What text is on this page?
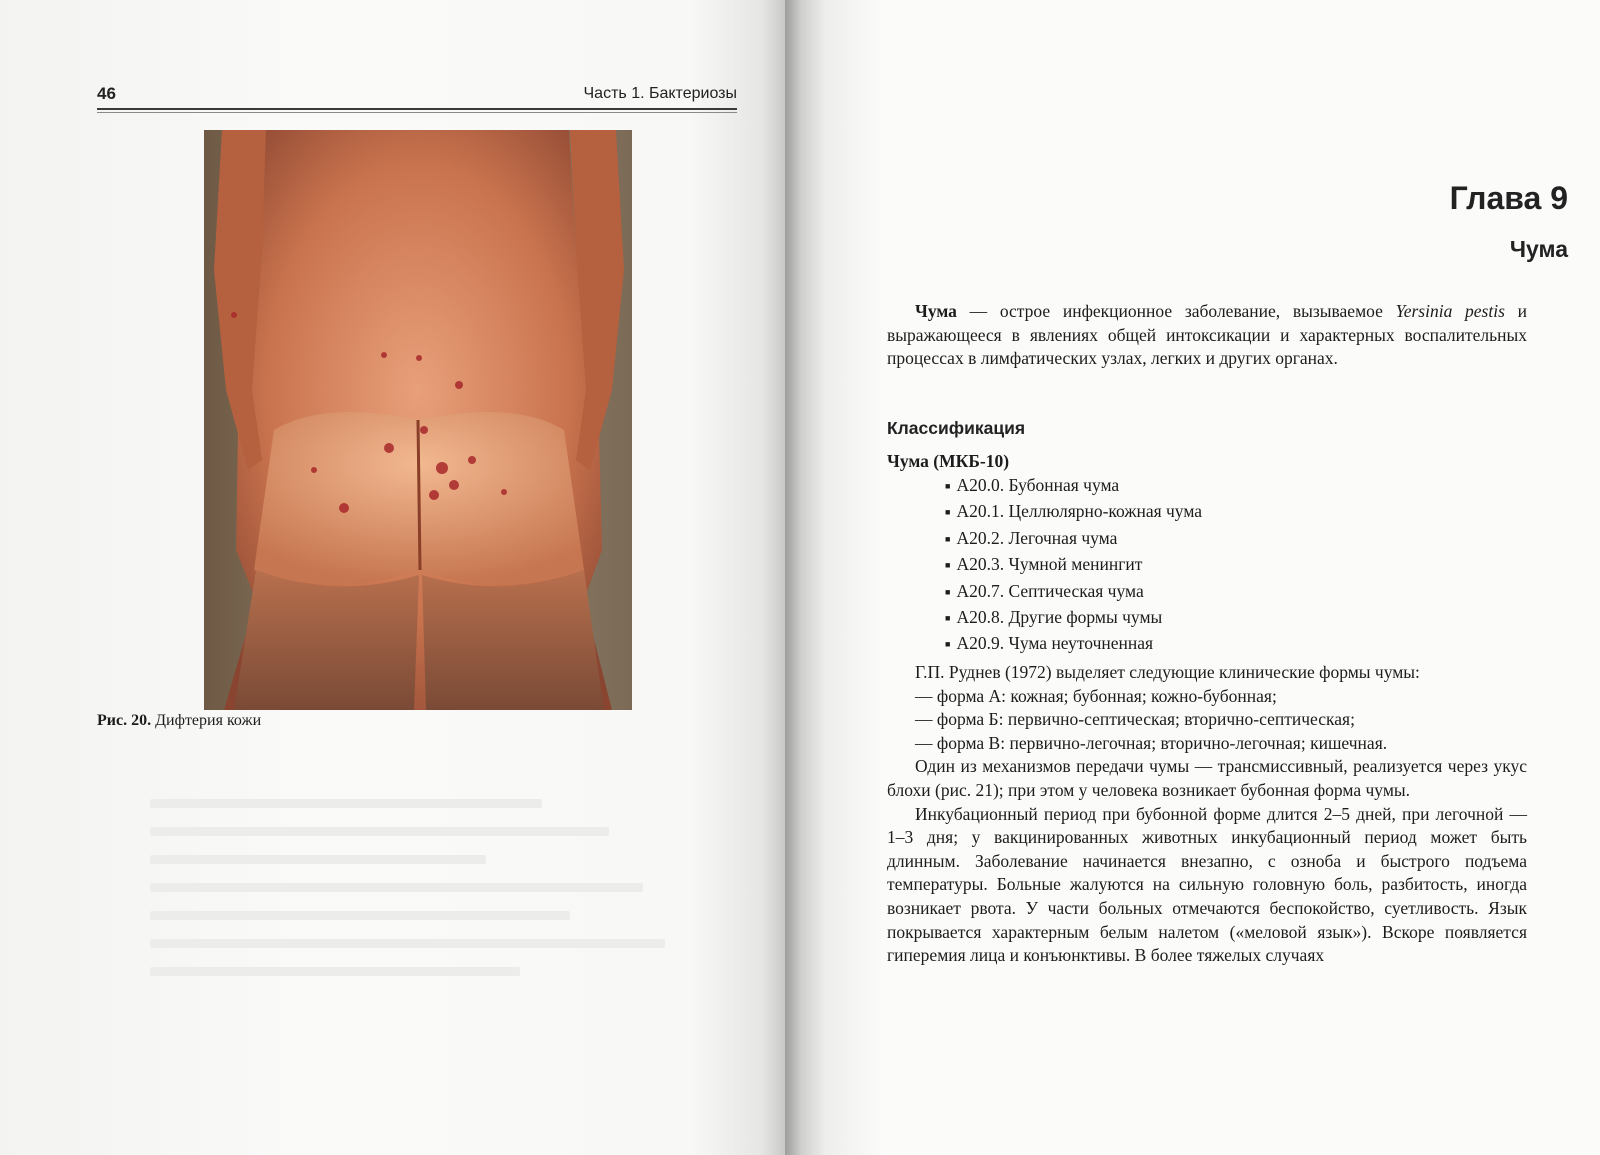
46	Часть 1. Бактериозы
Рис. 20. Дифтерия кожи
Глава 9
Чума

Чума — острое инфекционное заболевание, вызываемое Yersinia pestis и выражающееся в явлениях общей интоксикации и характерных воспалительных процессах в лимфатических узлах, легких и других органах.

Классификация
Чума (МКБ-10)
■ А20.0. Бубонная чума
■ А20.1. Целлюлярно-кожная чума
■ А20.2. Легочная чума
■ А20.3. Чумной менингит
■ А20.7. Септическая чума
■ А20.8. Другие формы чумы
■ А20.9. Чума неуточненная

Г.П. Руднев (1972) выделяет следующие клинические формы чумы:

— форма А: кожная; бубонная; кожно-бубонная;

— форма Б: первично-септическая; вторично-септическая;

— форма В: первично-легочная; вторично-легочная; кишечная.

Один из механизмов передачи чумы — трансмиссивный, реализуется через укус блохи (рис. 21); при этом у человека возникает бубонная форма чумы.

Инкубационный период при бубонной форме длится 2–5 дней, при легочной — 1–3 дня; у вакцинированных животных инкубационный период может быть длинным. Заболевание начинается внезапно, с озноба и быстрого подъема температуры. Больные жалуются на сильную головную боль, разбитость, иногда возникает рвота. У части больных отмечаются беспокойство, суетливость. Язык покрывается характерным белым налетом («меловой язык»). Вскоре появляется гиперемия лица и конъюнктивы. В более тяжелых случаях
